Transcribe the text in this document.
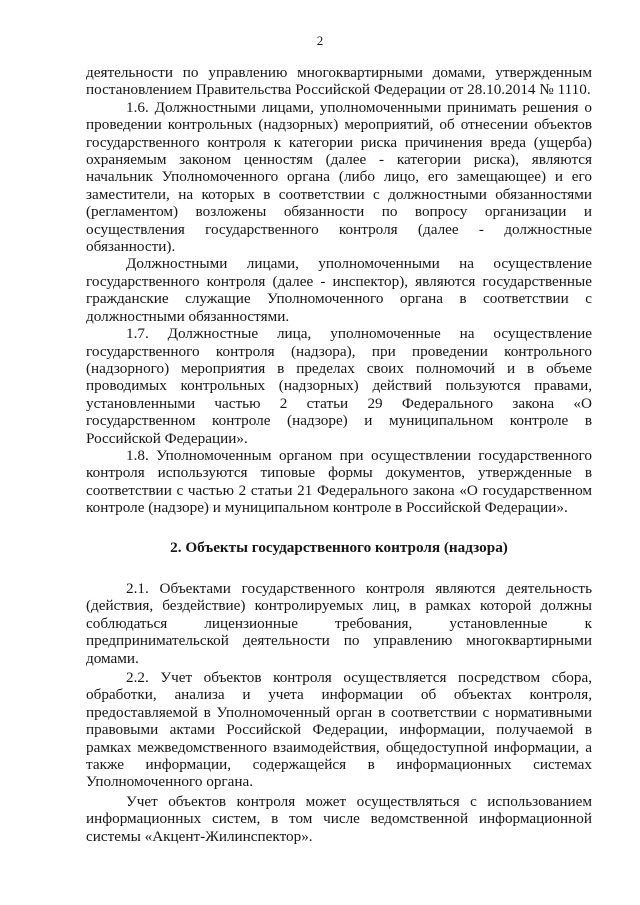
2

деятельности по управлению многоквартирными домами, утвержденным постановлением Правительства Российской Федерации от 28.10.2014 № 1110.

1.6. Должностными лицами, уполномоченными принимать решения о проведении контрольных (надзорных) мероприятий, об отнесении объектов государственного контроля к категории риска причинения вреда (ущерба) охраняемым законом ценностям (далее - категории риска), являются начальник Уполномоченного органа (либо лицо, его замещающее) и его заместители, на которых в соответствии с должностными обязанностями (регламентом) возложены обязанности по вопросу организации и осуществления государственного контроля (далее - должностные обязанности).

Должностными лицами, уполномоченными на осуществление государственного контроля (далее - инспектор), являются государственные гражданские служащие Уполномоченного органа в соответствии с должностными обязанностями.

1.7. Должностные лица, уполномоченные на осуществление государственного контроля (надзора), при проведении контрольного (надзорного) мероприятия в пределах своих полномочий и в объеме проводимых контрольных (надзорных) действий пользуются правами, установленными частью 2 статьи 29 Федерального закона «О государственном контроле (надзоре) и муниципальном контроле в Российской Федерации».

1.8. Уполномоченным органом при осуществлении государственного контроля используются типовые формы документов, утвержденные в соответствии с частью 2 статьи 21 Федерального закона «О государственном контроле (надзоре) и муниципальном контроле в Российской Федерации».

2. Объекты государственного контроля (надзора)

2.1. Объектами государственного контроля являются деятельность (действия, бездействие) контролируемых лиц, в рамках которой должны соблюдаться лицензионные требования, установленные к предпринимательской деятельности по управлению многоквартирными домами.

2.2. Учет объектов контроля осуществляется посредством сбора, обработки, анализа и учета информации об объектах контроля, предоставляемой в Уполномоченный орган в соответствии с нормативными правовыми актами Российской Федерации, информации, получаемой в рамках межведомственного взаимодействия, общедоступной информации, а также информации, содержащейся в информационных системах Уполномоченного органа.

Учет объектов контроля может осуществляться с использованием информационных систем, в том числе ведомственной информационной системы «Акцент-Жилинспектор».
